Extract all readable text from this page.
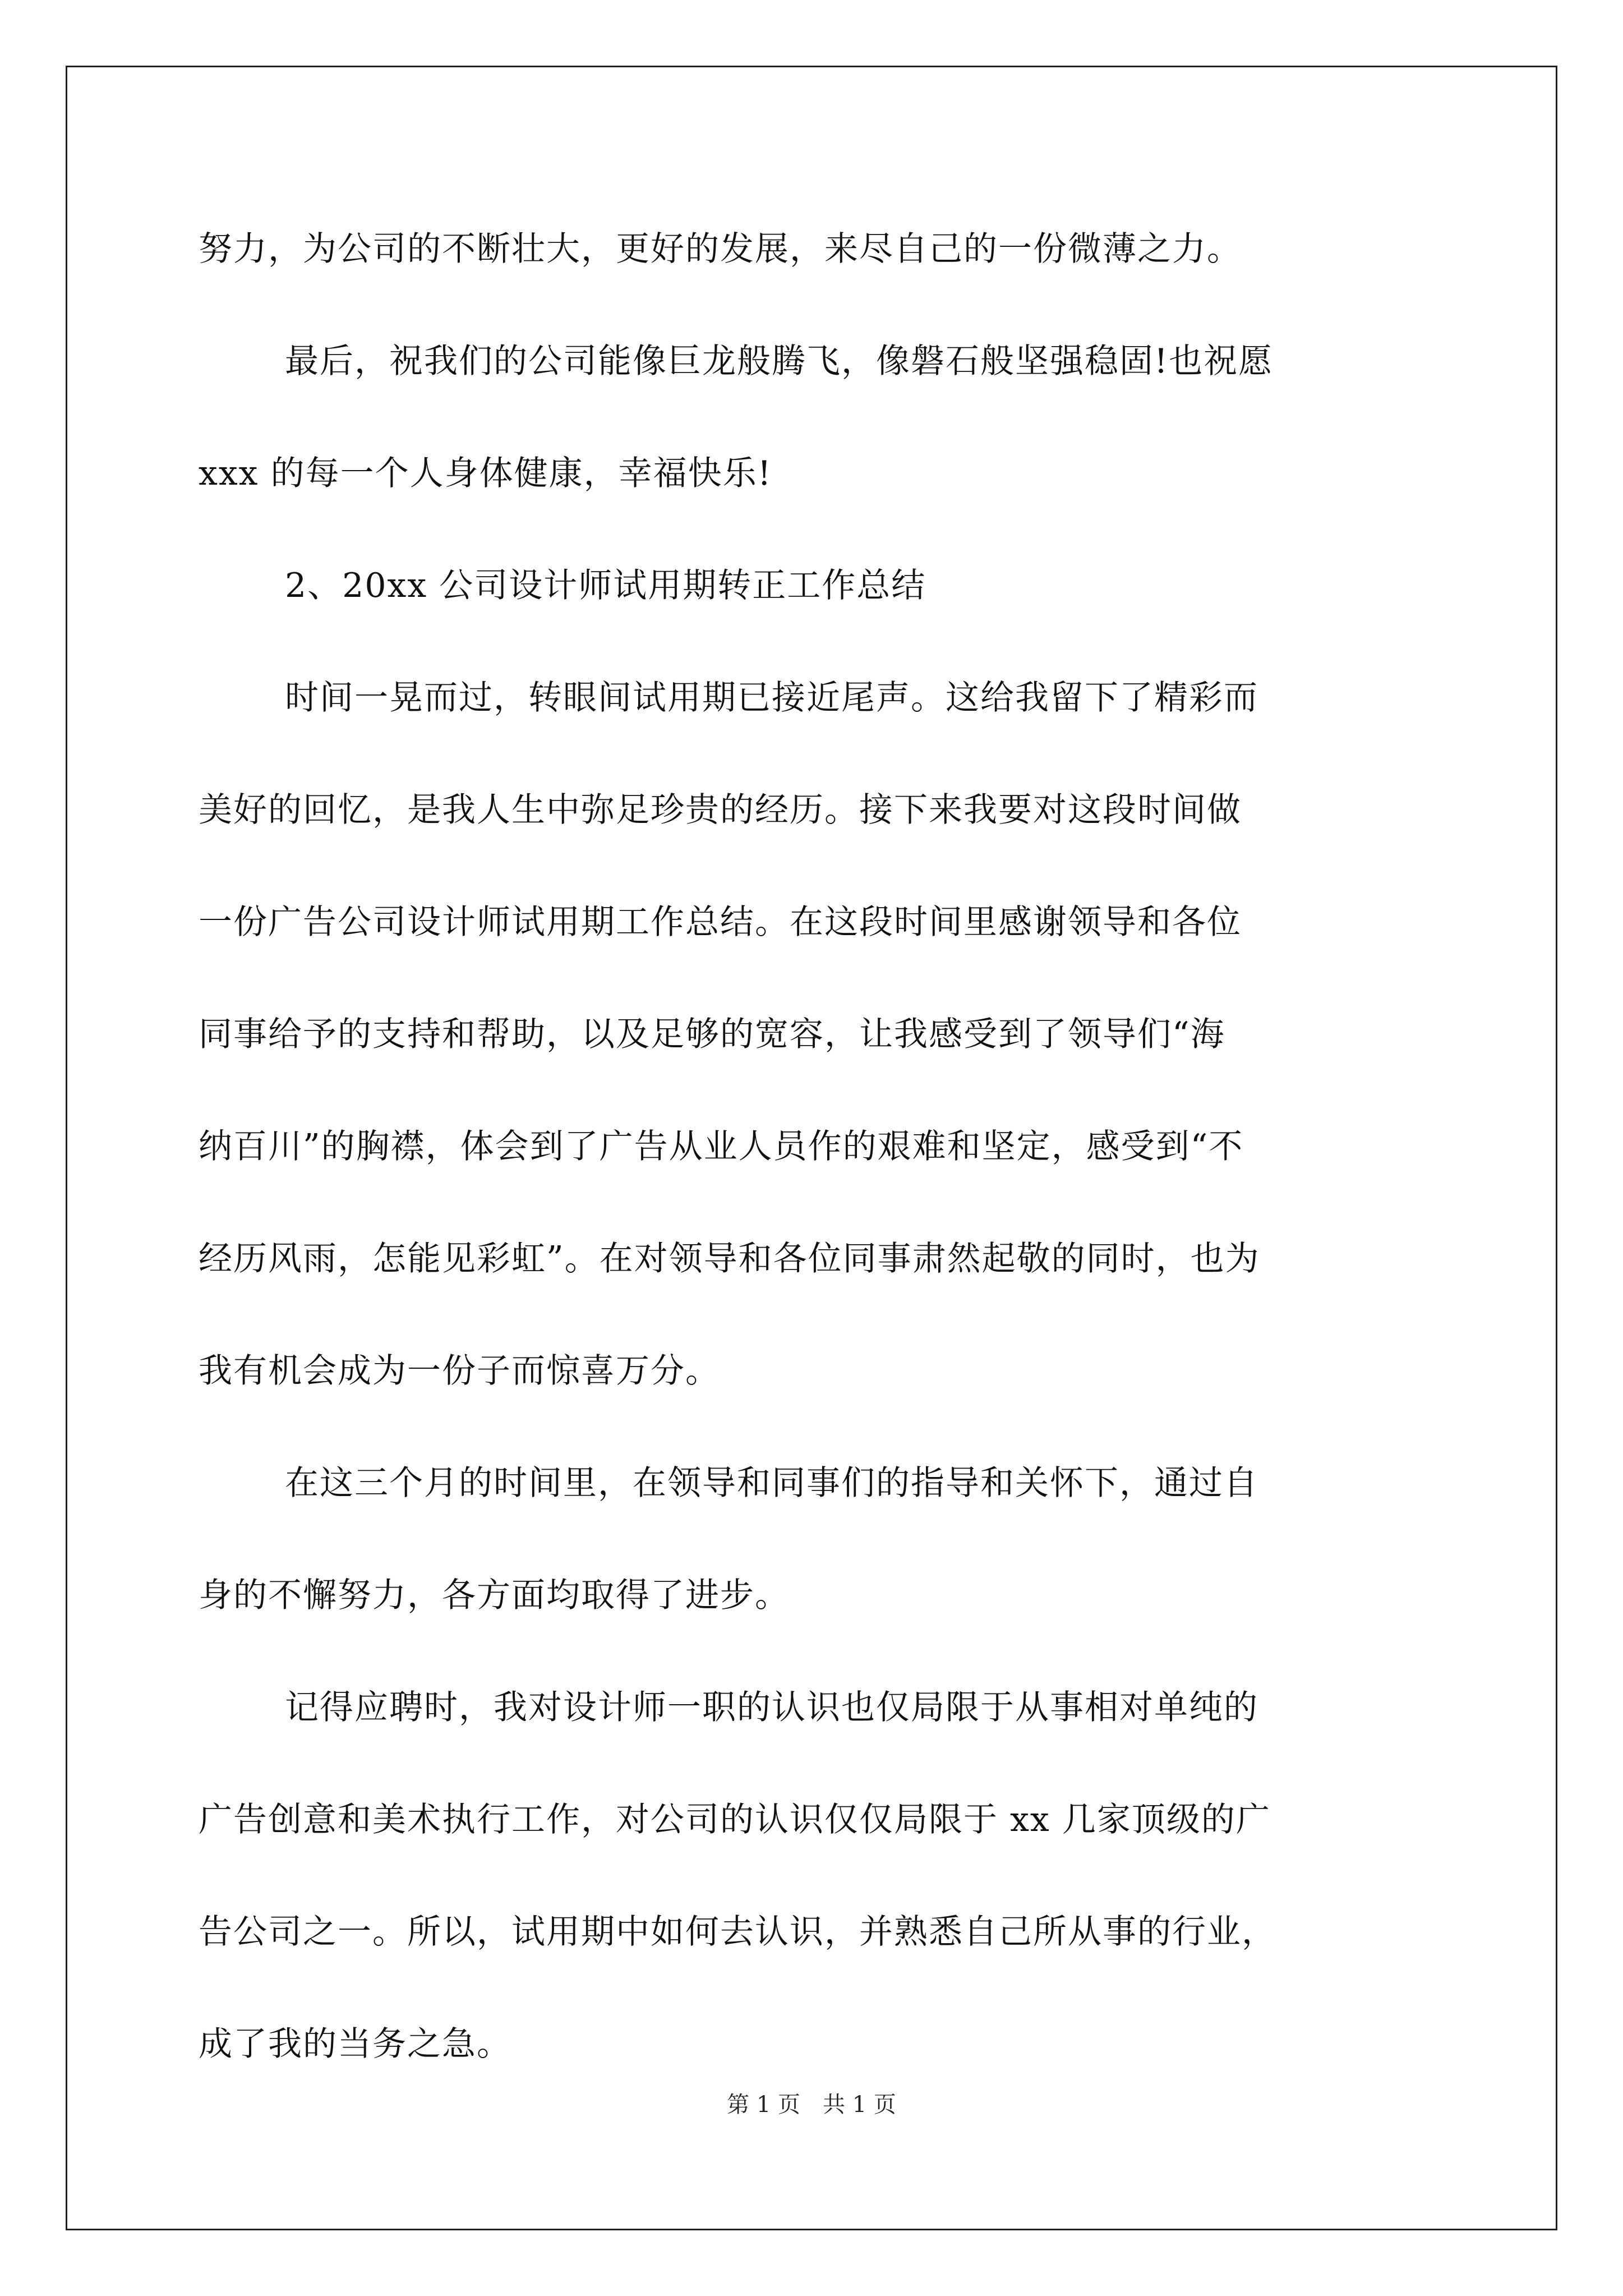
努力，为公司的不断壮大，更好的发展，来尽自己的一份微薄之力。
最后，祝我们的公司能像巨龙般腾飞，像磐石般坚强稳固!也祝愿
xxx 的每一个人身体健康，幸福快乐!
2、20xx 公司设计师试用期转正工作总结
时间一晃而过，转眼间试用期已接近尾声。这给我留下了精彩而
美好的回忆，是我人生中弥足珍贵的经历。接下来我要对这段时间做
一份广告公司设计师试用期工作总结。在这段时间里感谢领导和各位
同事给予的支持和帮助，以及足够的宽容，让我感受到了领导们“海
纳百川”的胸襟，体会到了广告从业人员作的艰难和坚定，感受到“不
经历风雨，怎能见彩虹”。在对领导和各位同事肃然起敬的同时，也为
我有机会成为一份子而惊喜万分。
在这三个月的时间里，在领导和同事们的指导和关怀下，通过自
身的不懈努力，各方面均取得了进步。
记得应聘时，我对设计师一职的认识也仅局限于从事相对单纯的
广告创意和美术执行工作，对公司的认识仅仅局限于 xx 几家顶级的广
告公司之一。所以，试用期中如何去认识，并熟悉自己所从事的行业，
成了我的当务之急。
第 1 页　共 1 页
